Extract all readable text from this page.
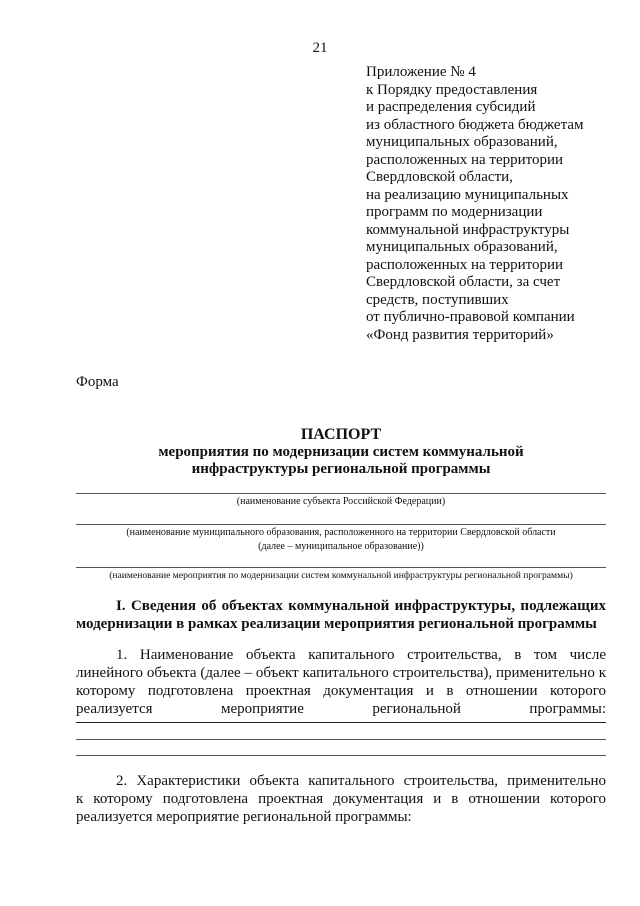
21
Приложение № 4
к Порядку предоставления
и распределения субсидий
из областного бюджета бюджетам
муниципальных образований,
расположенных на территории
Свердловской области,
на реализацию муниципальных
программ по модернизации
коммунальной инфраструктуры
муниципальных образований,
расположенных на территории
Свердловской области, за счет
средств, поступивших
от публично-правовой компании
«Фонд развития территорий»
Форма
ПАСПОРТ
мероприятия по модернизации систем коммунальной
инфраструктуры региональной программы
(наименование субъекта Российской Федерации)
(наименование муниципального образования, расположенного на территории Свердловской области
(далее – муниципальное образование))
(наименование мероприятия по модернизации систем коммунальной инфраструктуры региональной программы)
I. Сведения об объектах коммунальной инфраструктуры, подлежащих модернизации в рамках реализации мероприятия региональной программы
1. Наименование объекта капитального строительства, в том числе
линейного объекта (далее – объект капитального строительства), применительно к
которому подготовлена проектная документация и в отношении которого
реализуется мероприятие региональной программы:
2. Характеристики объекта капитального строительства, применительно
к которому подготовлена проектная документация и в отношении которого
реализуется мероприятие региональной программы:
